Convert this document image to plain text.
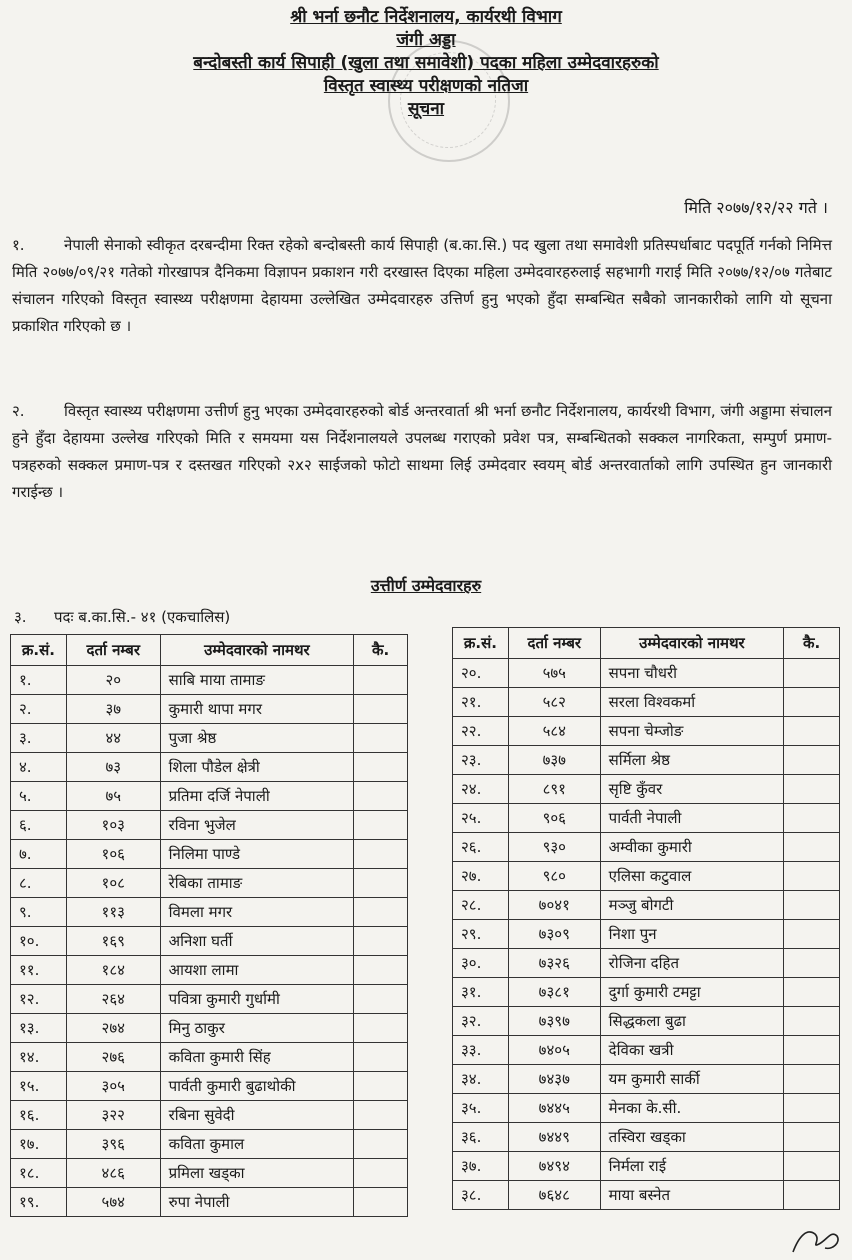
श्री भर्ना छनौट निर्देशनालय, कार्यरथी विभाग
जंगी अड्डा
बन्दोबस्ती कार्य सिपाही (खुला तथा समावेशी) पदका महिला उम्मेदवारहरुको
विस्तृत स्वास्थ्य परीक्षणको नतिजा
सूचना
मिति २०७७/१२/२२ गते ।
१.	नेपाली सेनाको स्वीकृत दरबन्दीमा रिक्त रहेको बन्दोबस्ती कार्य सिपाही (ब.का.सि.) पद खुला तथा समावेशी प्रतिस्पर्धाबाट पदपूर्ति गर्नको निमित्त मिति २०७७/०९/२१ गतेको गोरखापत्र दैनिकमा विज्ञापन प्रकाशन गरी दरखास्त दिएका महिला उम्मेदवारहरुलाई सहभागी गराई मिति २०७७/१२/०७ गतेबाट संचालन गरिएको विस्तृत स्वास्थ्य परीक्षणमा देहायमा उल्लेखित उम्मेदवारहरु उत्तिर्ण हुनु भएको हुँदा सम्बन्धित सबैको जानकारीको लागि यो सूचना प्रकाशित गरिएको छ ।
२.	विस्तृत स्वास्थ्य परीक्षणमा उत्तीर्ण हुनु भएका उम्मेदवारहरुको बोर्ड अन्तरवार्ता श्री भर्ना छनौट निर्देशनालय, कार्यरथी विभाग, जंगी अड्डामा संचालन हुने हुँदा देहायमा उल्लेख गरिएको मिति र समयमा यस निर्देशनालयले उपलब्ध गराएको प्रवेश पत्र, सम्बन्धितको सक्कल नागरिकता, सम्पुर्ण प्रमाण-पत्रहरुको सक्कल प्रमाण-पत्र र दस्तखत गरिएको २x२ साईजको फोटो साथमा लिई उम्मेदवार स्वयम् बोर्ड अन्तरवार्ताको लागि उपस्थित हुन जानकारी गराईन्छ ।
उत्तीर्ण उम्मेदवारहरु
३. पदः ब.का.सि.- ४१ (एकचालिस)
क्र.सं.	दर्ता नम्बर	उम्मेदवारको नामथर	कै.
१.	२०	साबि माया तामाङ	
२.	३७	कुमारी थापा मगर	
३.	४४	पुजा श्रेष्ठ	
४.	७३	शिला पौडेल क्षेत्री	
५.	७५	प्रतिमा दर्जि नेपाली	
६.	१०३	रविना भुजेल	
७.	१०६	निलिमा पाण्डे	
८.	१०८	रेबिका तामाङ	
९.	११३	विमला मगर	
१०.	१६९	अनिशा घर्ती	
११.	१८४	आयशा लामा	
१२.	२६४	पवित्रा कुमारी गुर्धामी	
१३.	२७४	मिनु ठाकुर	
१४.	२७६	कविता कुमारी सिंह	
१५.	३०५	पार्वती कुमारी बुढाथोकी	
१६.	३२२	रबिना सुवेदी	
१७.	३९६	कविता कुमाल	
१८.	४८६	प्रमिला खड्का	
१९.	५७४	रुपा नेपाली	
क्र.सं.	दर्ता नम्बर	उम्मेदवारको नामथर	कै.
२०.	५७५	सपना चौधरी	
२१.	५८२	सरला विश्वकर्मा	
२२.	५८४	सपना चेम्जोङ	
२३.	७३७	सर्मिला श्रेष्ठ	
२४.	८९१	सृष्टि कुँवर	
२५.	९०६	पार्वती नेपाली	
२६.	९३०	अम्वीका कुमारी	
२७.	९८०	एलिसा कटुवाल	
२८.	७०४१	मञ्जु बोगटी	
२९.	७३०९	निशा पुन	
३०.	७३२६	रोजिना दहित	
३१.	७३८१	दुर्गा कुमारी टमट्टा	
३२.	७३९७	सिद्धकला बुढा	
३३.	७४०५	देविका खत्री	
३४.	७४३७	यम कुमारी सार्की	
३५.	७४४५	मेनका के.सी.	
३६.	७४४९	तस्विरा खड्का	
३७.	७४९४	निर्मला राई	
३८.	७६४८	माया बस्नेत	
